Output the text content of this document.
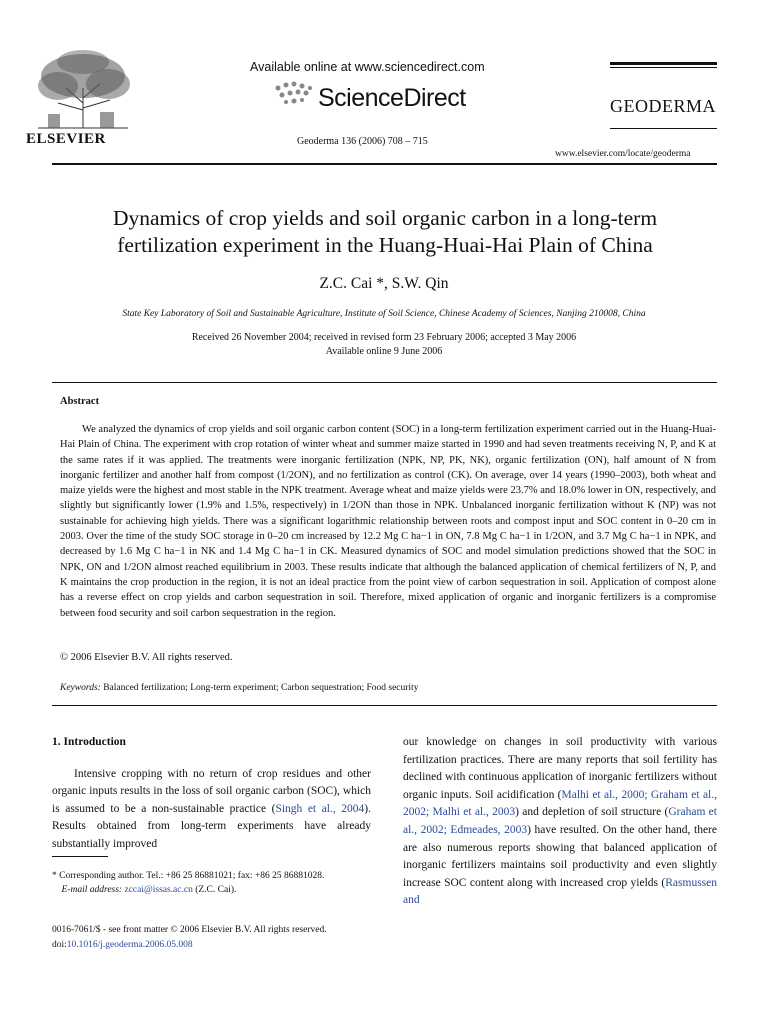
ELSEVIER
Available online at www.sciencedirect.com
ScienceDirect
Geoderma 136 (2006) 708 – 715
GEODERMA
www.elsevier.com/locate/geoderma
Dynamics of crop yields and soil organic carbon in a long-term
fertilization experiment in the Huang-Huai-Hai Plain of China
Z.C. Cai *, S.W. Qin
State Key Laboratory of Soil and Sustainable Agriculture, Institute of Soil Science, Chinese Academy of Sciences, Nanjing 210008, China
Received 26 November 2004; received in revised form 23 February 2006; accepted 3 May 2006
Available online 9 June 2006
Abstract

We analyzed the dynamics of crop yields and soil organic carbon content (SOC) in a long-term fertilization experiment carried out in the Huang-Huai-Hai Plain of China. The experiment with crop rotation of winter wheat and summer maize started in 1990 and had seven treatments receiving N, P, and K at the same rates if it was applied. The treatments were inorganic fertilization (NPK, NP, PK, NK), organic fertilization (ON), half amount of N from inorganic fertilizer and another half from compost (1/2ON), and no fertilization as control (CK). On average, over 14 years (1990–2003), both wheat and maize yields were the highest and most stable in the NPK treatment. Average wheat and maize yields were 23.7% and 18.0% lower in ON, respectively, and slightly but significantly lower (1.9% and 1.5%, respectively) in 1/2ON than those in NPK. Unbalanced inorganic fertilization without K (NP) was not sustainable for achieving high yields. There was a significant logarithmic relationship between roots and compost input and SOC content in 0–20 cm in 2003. Over the time of the study SOC storage in 0–20 cm increased by 12.2 Mg C ha−1 in ON, 7.8 Mg C ha−1 in 1/2ON, and 3.7 Mg C ha−1 in NPK, and decreased by 1.6 Mg C ha−1 in NK and 1.4 Mg C ha−1 in CK. Measured dynamics of SOC and model simulation predictions showed that the SOC in NPK, ON and 1/2ON almost reached equilibrium in 2003. These results indicate that although the balanced application of chemical fertilizers of N, P, and K maintains the crop production in the region, it is not an ideal practice from the point view of carbon sequestration in soil. Application of compost alone has a reverse effect on crop yields and carbon sequestration in soil. Therefore, mixed application of organic and inorganic fertilizers is a compromise between food security and soil carbon sequestration in the region.

© 2006 Elsevier B.V. All rights reserved.
Keywords: Balanced fertilization; Long-term experiment; Carbon sequestration; Food security
1. Introduction
Intensive cropping with no return of crop residues and other organic inputs results in the loss of soil organic carbon (SOC), which is assumed to be a non-sustainable practice (Singh et al., 2004). Results obtained from long-term experiments have already substantially improved
our knowledge on changes in soil productivity with various fertilization practices. There are many reports that soil fertility has declined with continuous application of inorganic fertilizers without organic inputs. Soil acidification (Malhi et al., 2000; Graham et al., 2002; Malhi et al., 2003) and depletion of soil structure (Graham et al., 2002; Edmeades, 2003) have resulted. On the other hand, there are also numerous reports showing that balanced application of inorganic fertilizers maintains soil productivity and even slightly increase SOC content along with increased crop yields (Rasmussen and
* Corresponding author. Tel.: +86 25 86881021; fax: +86 25 86881028.
E-mail address: zccai@issas.ac.cn (Z.C. Cai).
0016-7061/$ - see front matter © 2006 Elsevier B.V. All rights reserved.
doi:10.1016/j.geoderma.2006.05.008
